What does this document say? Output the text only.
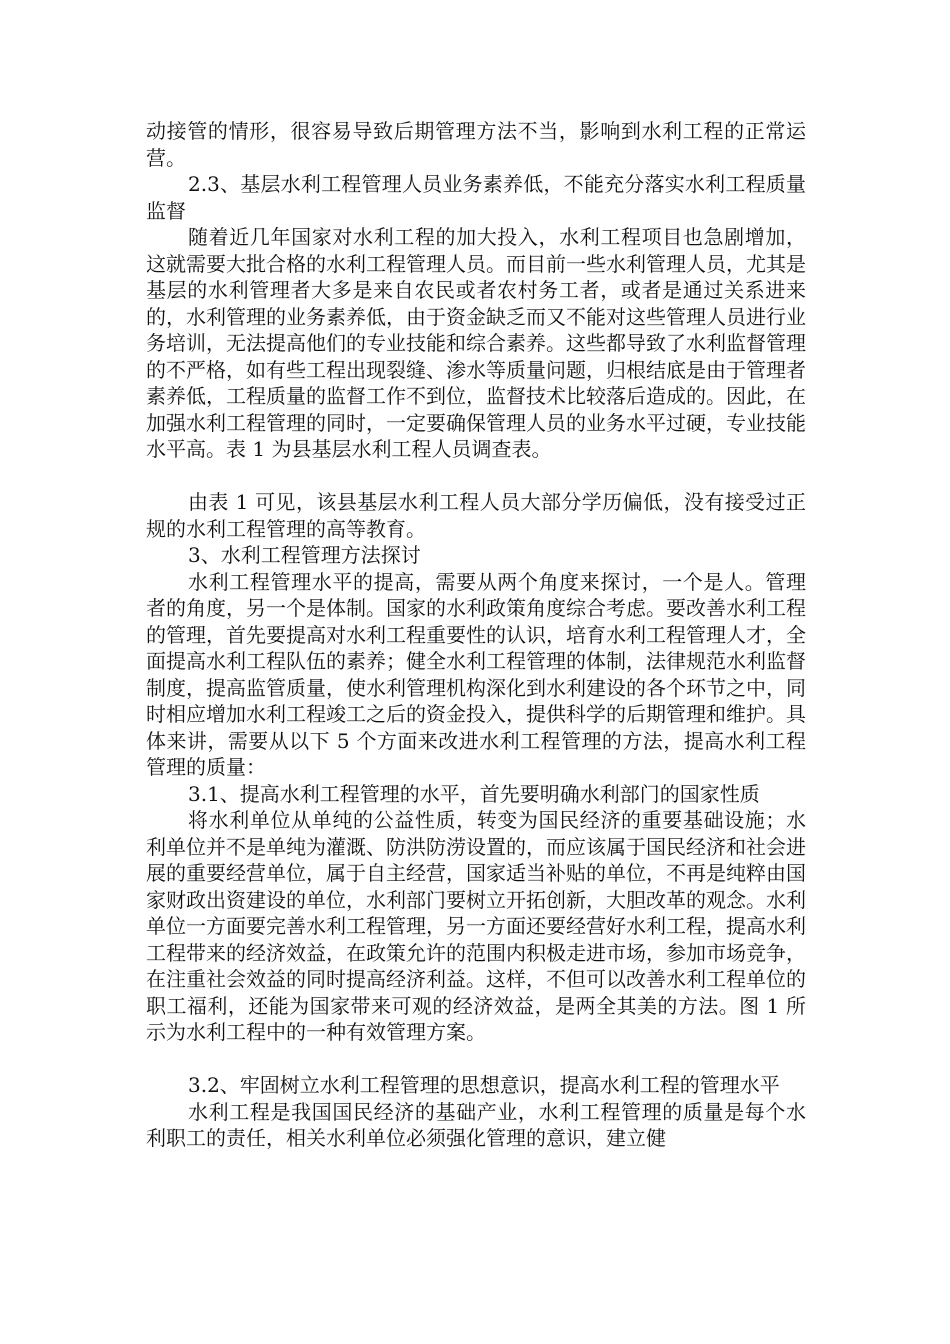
动接管的情形，很容易导致后期管理方法不当，影响到水利工程的正常运营。

2.3、基层水利工程管理人员业务素养低，不能充分落实水利工程质量监督

随着近几年国家对水利工程的加大投入，水利工程项目也急剧增加，这就需要大批合格的水利工程管理人员。而目前一些水利管理人员，尤其是基层的水利管理者大多是来自农民或者农村务工者，或者是通过关系进来的，水利管理的业务素养低，由于资金缺乏而又不能对这些管理人员进行业务培训，无法提高他们的专业技能和综合素养。这些都导致了水利监督管理的不严格，如有些工程出现裂缝、渗水等质量问题，归根结底是由于管理者素养低，工程质量的监督工作不到位，监督技术比较落后造成的。因此，在加强水利工程管理的同时，一定要确保管理人员的业务水平过硬，专业技能水平高。表 1 为县基层水利工程人员调查表。

由表 1 可见，该县基层水利工程人员大部分学历偏低，没有接受过正规的水利工程管理的高等教育。

3、水利工程管理方法探讨

水利工程管理水平的提高，需要从两个角度来探讨，一个是人。管理者的角度，另一个是体制。国家的水利政策角度综合考虑。要改善水利工程的管理，首先要提高对水利工程重要性的认识，培育水利工程管理人才，全面提高水利工程队伍的素养；健全水利工程管理的体制，法律规范水利监督制度，提高监管质量，使水利管理机构深化到水利建设的各个环节之中，同时相应增加水利工程竣工之后的资金投入，提供科学的后期管理和维护。具体来讲，需要从以下 5 个方面来改进水利工程管理的方法，提高水利工程管理的质量：

3.1、提高水利工程管理的水平，首先要明确水利部门的国家性质

将水利单位从单纯的公益性质，转变为国民经济的重要基础设施；水利单位并不是单纯为灌溉、防洪防涝设置的，而应该属于国民经济和社会进展的重要经营单位，属于自主经营，国家适当补贴的单位，不再是纯粹由国家财政出资建设的单位，水利部门要树立开拓创新，大胆改革的观念。水利单位一方面要完善水利工程管理，另一方面还要经营好水利工程，提高水利工程带来的经济效益，在政策允许的范围内积极走进市场，参加市场竞争，在注重社会效益的同时提高经济利益。这样，不但可以改善水利工程单位的职工福利，还能为国家带来可观的经济效益，是两全其美的方法。图 1 所示为水利工程中的一种有效管理方案。

3.2、牢固树立水利工程管理的思想意识，提高水利工程的管理水平

水利工程是我国国民经济的基础产业，水利工程管理的质量是每个水利职工的责任，相关水利单位必须强化管理的意识，建立健
